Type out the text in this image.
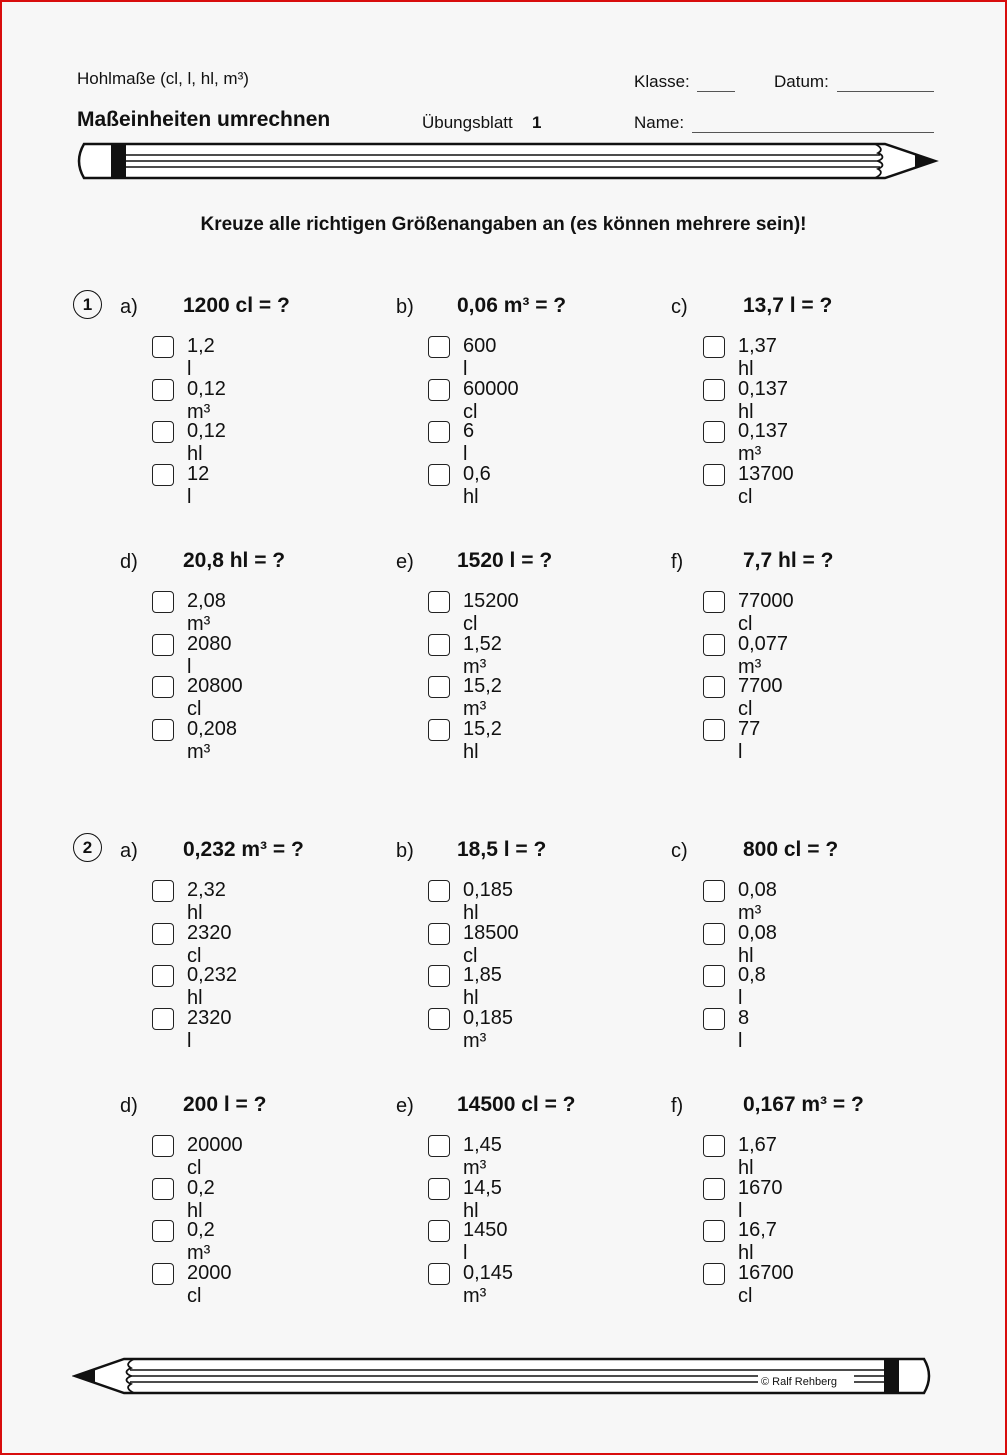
Hohlmaße (cl, l, hl, m³)
Maßeinheiten umrechnen	Übungsblatt 1
Klasse:	Datum:
Name:
Kreuze alle richtigen Größenangaben an (es können mehrere sein)!
1
2
a) 1200 cl = ?
1,2 l
0,12 m³
0,12 hl
12 l
b) 0,06 m³ = ?
600 l
60000 cl
6 l
0,6 hl
c)	13,7 l = ?
1,37 hl
0,137 hl
0,137 m³
13700 cl
d) 20,8 hl = ?
2,08 m³
2080 l
20800 cl
0,208 m³
e) 1520 l = ?
15200 cl
1,52 m³
15,2 m³
15,2 hl
f)	7,7 hl = ?
77000 cl
0,077 m³
7700 cl
77 l
a) 0,232 m³ = ?
2,32 hl
2320 cl
0,232 hl
2320 l
b) 18,5 l = ?
0,185 hl
18500 cl
1,85 hl
0,185 m³
c)	800 cl = ?
0,08 m³
0,08 hl
0,8 l
8 l
d) 200 l = ?
20000 cl
0,2 hl
0,2 m³
2000 cl
e) 14500 cl = ?
1,45 m³
14,5 hl
1450 l
0,145 m³
f)	0,167 m³ = ?
1,67 hl
1670 l
16,7 hl
16700 cl
© Ralf Rehberg
